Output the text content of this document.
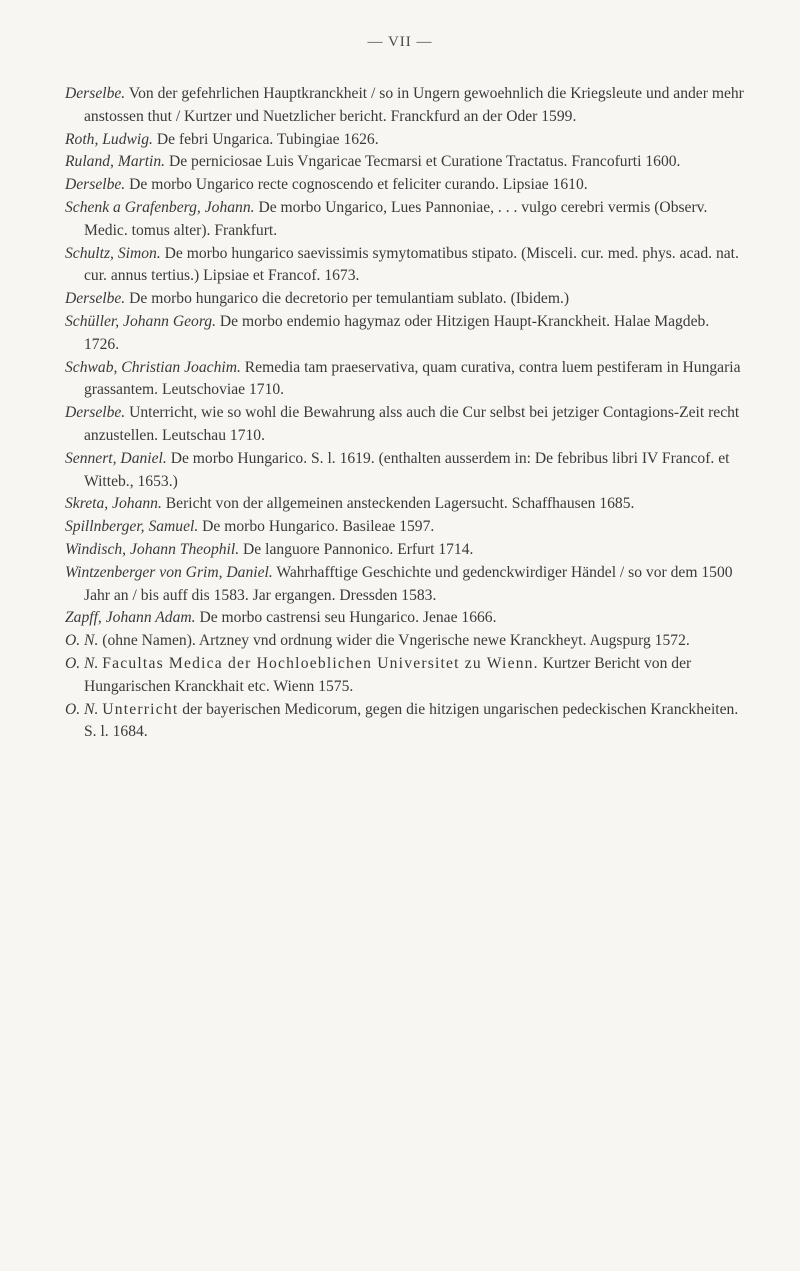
— VII —

Derselbe. Von der gefehrlichen Hauptkranckheit / so in Ungern gewoehnlich die Kriegsleute und ander mehr anstossen thut / Kurtzer und Nuetzlicher bericht. Franckfurd an der Oder 1599.

Roth, Ludwig. De febri Ungarica. Tubingiae 1626.

Ruland, Martin. De perniciosae Luis Vngaricae Tecmarsi et Curatione Tractatus. Francofurti 1600.

Derselbe. De morbo Ungarico recte cognoscendo et feliciter curando. Lipsiae 1610.

Schenk a Grafenberg, Johann. De morbo Ungarico, Lues Pannoniae, . . . vulgo cerebri vermis (Observ. Medic. tomus alter). Frankfurt.

Schultz, Simon. De morbo hungarico saevissimis symytomatibus stipato. (Misceli. cur. med. phys. acad. nat. cur. annus tertius.) Lipsiae et Francof. 1673.

Derselbe. De morbo hungarico die decretorio per temulantiam sublato. (Ibidem.)

Schüller, Johann Georg. De morbo endemio hagymaz oder Hitzigen Haupt-Kranckheit. Halae Magdeb. 1726.

Schwab, Christian Joachim. Remedia tam praeservativa, quam curativa, contra luem pestiferam in Hungaria grassantem. Leutschoviae 1710.

Derselbe. Unterricht, wie so wohl die Bewahrung alss auch die Cur selbst bei jetziger Contagions-Zeit recht anzustellen. Leutschau 1710.

Sennert, Daniel. De morbo Hungarico. S. l. 1619. (enthalten ausserdem in: De febribus libri IV Francof. et Witteb., 1653.)

Skreta, Johann. Bericht von der allgemeinen ansteckenden Lagersucht. Schaffhausen 1685.

Spillnberger, Samuel. De morbo Hungarico. Basileae 1597.

Windisch, Johann Theophil. De languore Pannonico. Erfurt 1714.

Wintzenberger von Grim, Daniel. Wahrhafftige Geschichte und gedenckwirdiger Händel / so vor dem 1500 Jahr an / bis auff dis 1583. Jar ergangen. Dressden 1583.

Zapff, Johann Adam. De morbo castrensi seu Hungarico. Jenae 1666.

O. N. (ohne Namen). Artzney vnd ordnung wider die Vngerische newe Kranckheyt. Augspurg 1572.

O. N. Facultas Medica der Hochloeblichen Universitet zu Wienn. Kurtzer Bericht von der Hungarischen Kranckhait etc. Wienn 1575.

O. N. Unterricht der bayerischen Medicorum, gegen die hitzigen ungarischen pedeckischen Kranckheiten. S. l. 1684.
